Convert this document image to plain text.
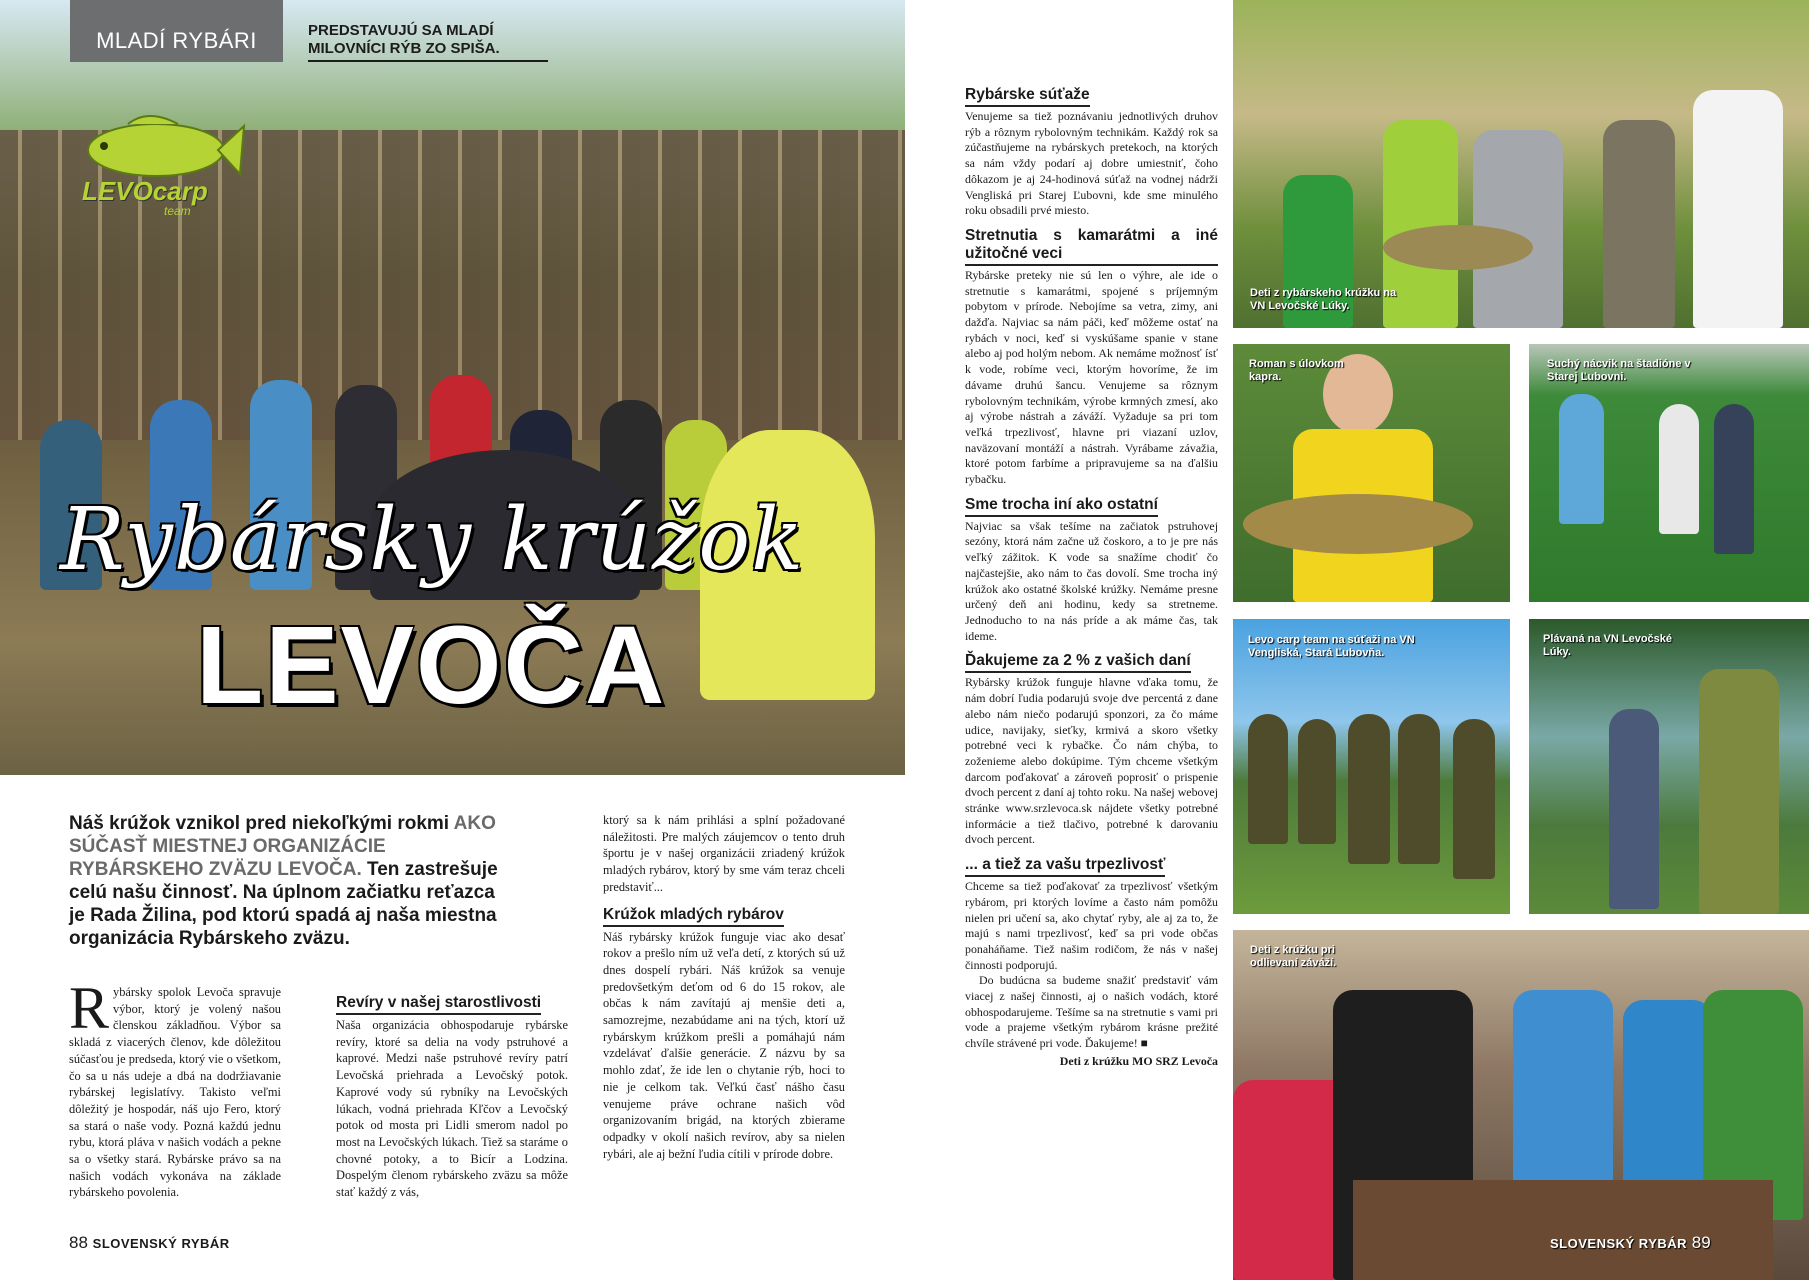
MLADÍ RYBÁRI	PREDSTAVUJÚ SA MLADÍ MILOVNÍCI RÝB ZO SPIŠA.
LEVOcarp
team
Rybársky krúžok
LEVOČA
Náš krúžok vznikol pred niekoľkými rokmi AKO SÚČASŤ MIESTNEJ ORGANIZÁCIE RYBÁRSKEHO ZVÄZU LEVOČA. Ten zastrešuje celú našu činnosť. Na úplnom začiatku reťazca je Rada Žilina, pod ktorú spadá aj naša miestna organizácia Rybárskeho zväzu.
R ybársky spolok Levoča spravuje výbor, ktorý je volený našou členskou základňou. Výbor sa skladá z viacerých členov, kde dôležitou súčasťou je predseda, ktorý vie o všetkom, čo sa u nás udeje a dbá na dodržiavanie rybárskej legislatívy. Takisto veľmi dôležitý je hospodár, náš ujo Fero, ktorý sa stará o naše vody. Pozná každú jednu rybu, ktorá pláva v našich vodách a pekne sa o všetky stará. Rybárske právo sa na našich vodách vykonáva na základe rybárskeho povolenia.

Revíry v našej starostlivosti

Naša organizácia obhospodaruje rybárske revíry, ktoré sa delia na vody pstruhové a kaprové. Medzi naše pstruhové revíry patrí Levočská priehrada a Levočský potok. Kaprové vody sú rybníky na Levočských lúkach, vodná priehrada Kľčov a Levočský potok od mosta pri Lidli smerom nadol po most na Levočských lúkach. Tiež sa staráme o chovné potoky, a to Bicír a Lodzina. Dospelým členom rybárskeho zväzu sa môže stať každý z vás,

ktorý sa k nám prihlási a splní požadované náležitosti. Pre malých záujemcov o tento druh športu je v našej organizácii zriadený krúžok mladých rybárov, ktorý by sme vám teraz chceli predstaviť...

Krúžok mladých rybárov

Náš rybársky krúžok funguje viac ako desať rokov a prešlo ním už veľa detí, z ktorých sú už dnes dospelí rybári. Náš krúžok sa venuje predovšetkým deťom od 6 do 15 rokov, ale občas k nám zavítajú aj menšie deti a, samozrejme, nezabúdame ani na tých, ktorí už rybárskym krúžkom prešli a pomáhajú nám vzdelávať ďalšie generácie. Z názvu by sa mohlo zdať, že ide len o chytanie rýb, hoci to nie je celkom tak. Veľkú časť nášho času venujeme práve ochrane našich vôd organizovaním brigád, na ktorých zbierame odpadky v okolí našich revírov, aby sa nielen rybári, ale aj bežní ľudia cítili v prírode dobre.

88 SLOVENSKÝ RYBÁR
Rybárske súťaže

Venujeme sa tiež poznávaniu jednotlivých druhov rýb a rôznym rybolovným technikám. Každý rok sa zúčastňujeme na rybárskych pretekoch, na ktorých sa nám vždy podarí aj dobre umiestniť, čoho dôkazom je aj 24-hodinová súťaž na vodnej nádrži Vengliská pri Starej Ľubovni, kde sme minulého roku obsadili prvé miesto.

Stretnutia s kamarátmi a iné užitočné veci

Rybárske preteky nie sú len o výhre, ale ide o stretnutie s kamarátmi, spojené s príjemným pobytom v prírode. Nebojíme sa vetra, zimy, ani dažďa. Najviac sa nám páči, keď môžeme ostať na rybách v noci, keď si vyskúšame spanie v stane alebo aj pod holým nebom. Ak nemáme možnosť ísť k vode, robíme veci, ktorým hovoríme, že im dávame druhú šancu. Venujeme sa rôznym rybolovným technikám, výrobe krmných zmesí, ako aj výrobe nástrah a záváží. Vyžaduje sa pri tom veľká trpezlivosť, hlavne pri viazaní uzlov, naväzovaní montáží a nástrah. Vyrábame závažia, ktoré potom farbíme a pripravujeme sa na ďalšiu rybačku.

Sme trocha iní ako ostatní

Najviac sa však tešíme na začiatok pstruhovej sezóny, ktorá nám začne už čoskoro, a to je pre nás veľký zážitok. K vode sa snažíme chodiť čo najčastejšie, ako nám to čas dovolí. Sme trocha iný krúžok ako ostatné školské krúžky. Nemáme presne určený deň ani hodinu, kedy sa stretneme. Jednoducho to na nás príde a ak máme čas, tak ideme.

Ďakujeme za 2 % z vašich daní

Rybársky krúžok funguje hlavne vďaka tomu, že nám dobrí ľudia podarujú svoje dve percentá z dane alebo nám niečo podarujú sponzori, za čo máme udice, navijaky, sieťky, krmivá a skoro všetky potrebné veci k rybačke. Čo nám chýba, to zoženieme alebo dokúpime. Tým chceme všetkým darcom poďakovať a zároveň poprosiť o prispenie dvoch percent z daní aj tohto roku. Na našej webovej stránke www.srzlevoca.sk nájdete všetky potrebné informácie a tiež tlačivo, potrebné k darovaniu dvoch percent.

... a tiež za vašu trpezlivosť

Chceme sa tiež poďakovať za trpezlivosť všetkým rybárom, pri ktorých lovíme a často nám pomôžu nielen pri učení sa, ako chytať ryby, ale aj za to, že majú s nami trpezlivosť, keď sa pri vode občas ponaháňame. Tiež našim rodičom, že nás v našej činnosti podporujú.

Do budúcna sa budeme snažiť predstaviť vám viacej z našej činnosti, aj o našich vodách, ktoré obhospodarujeme. Tešíme sa na stretnutie s vami pri vode a prajeme všetkým rybárom krásne prežité chvíle strávené pri vode. Ďakujeme! ■

Deti z krúžku MO SRZ Levoča

Deti z rybárskeho krúžku na VN Levočské Lúky.
Roman s úlovkom kapra.
Suchý nácvik na štadióne v Starej Ľubovni.
Levo carp team na súťaži na VN Vengliská, Stará Ľubovňa.
Plávaná na VN Levočské Lúky.
Deti z krúžku pri odlievaní záváží.
SLOVENSKÝ RYBÁR 89
